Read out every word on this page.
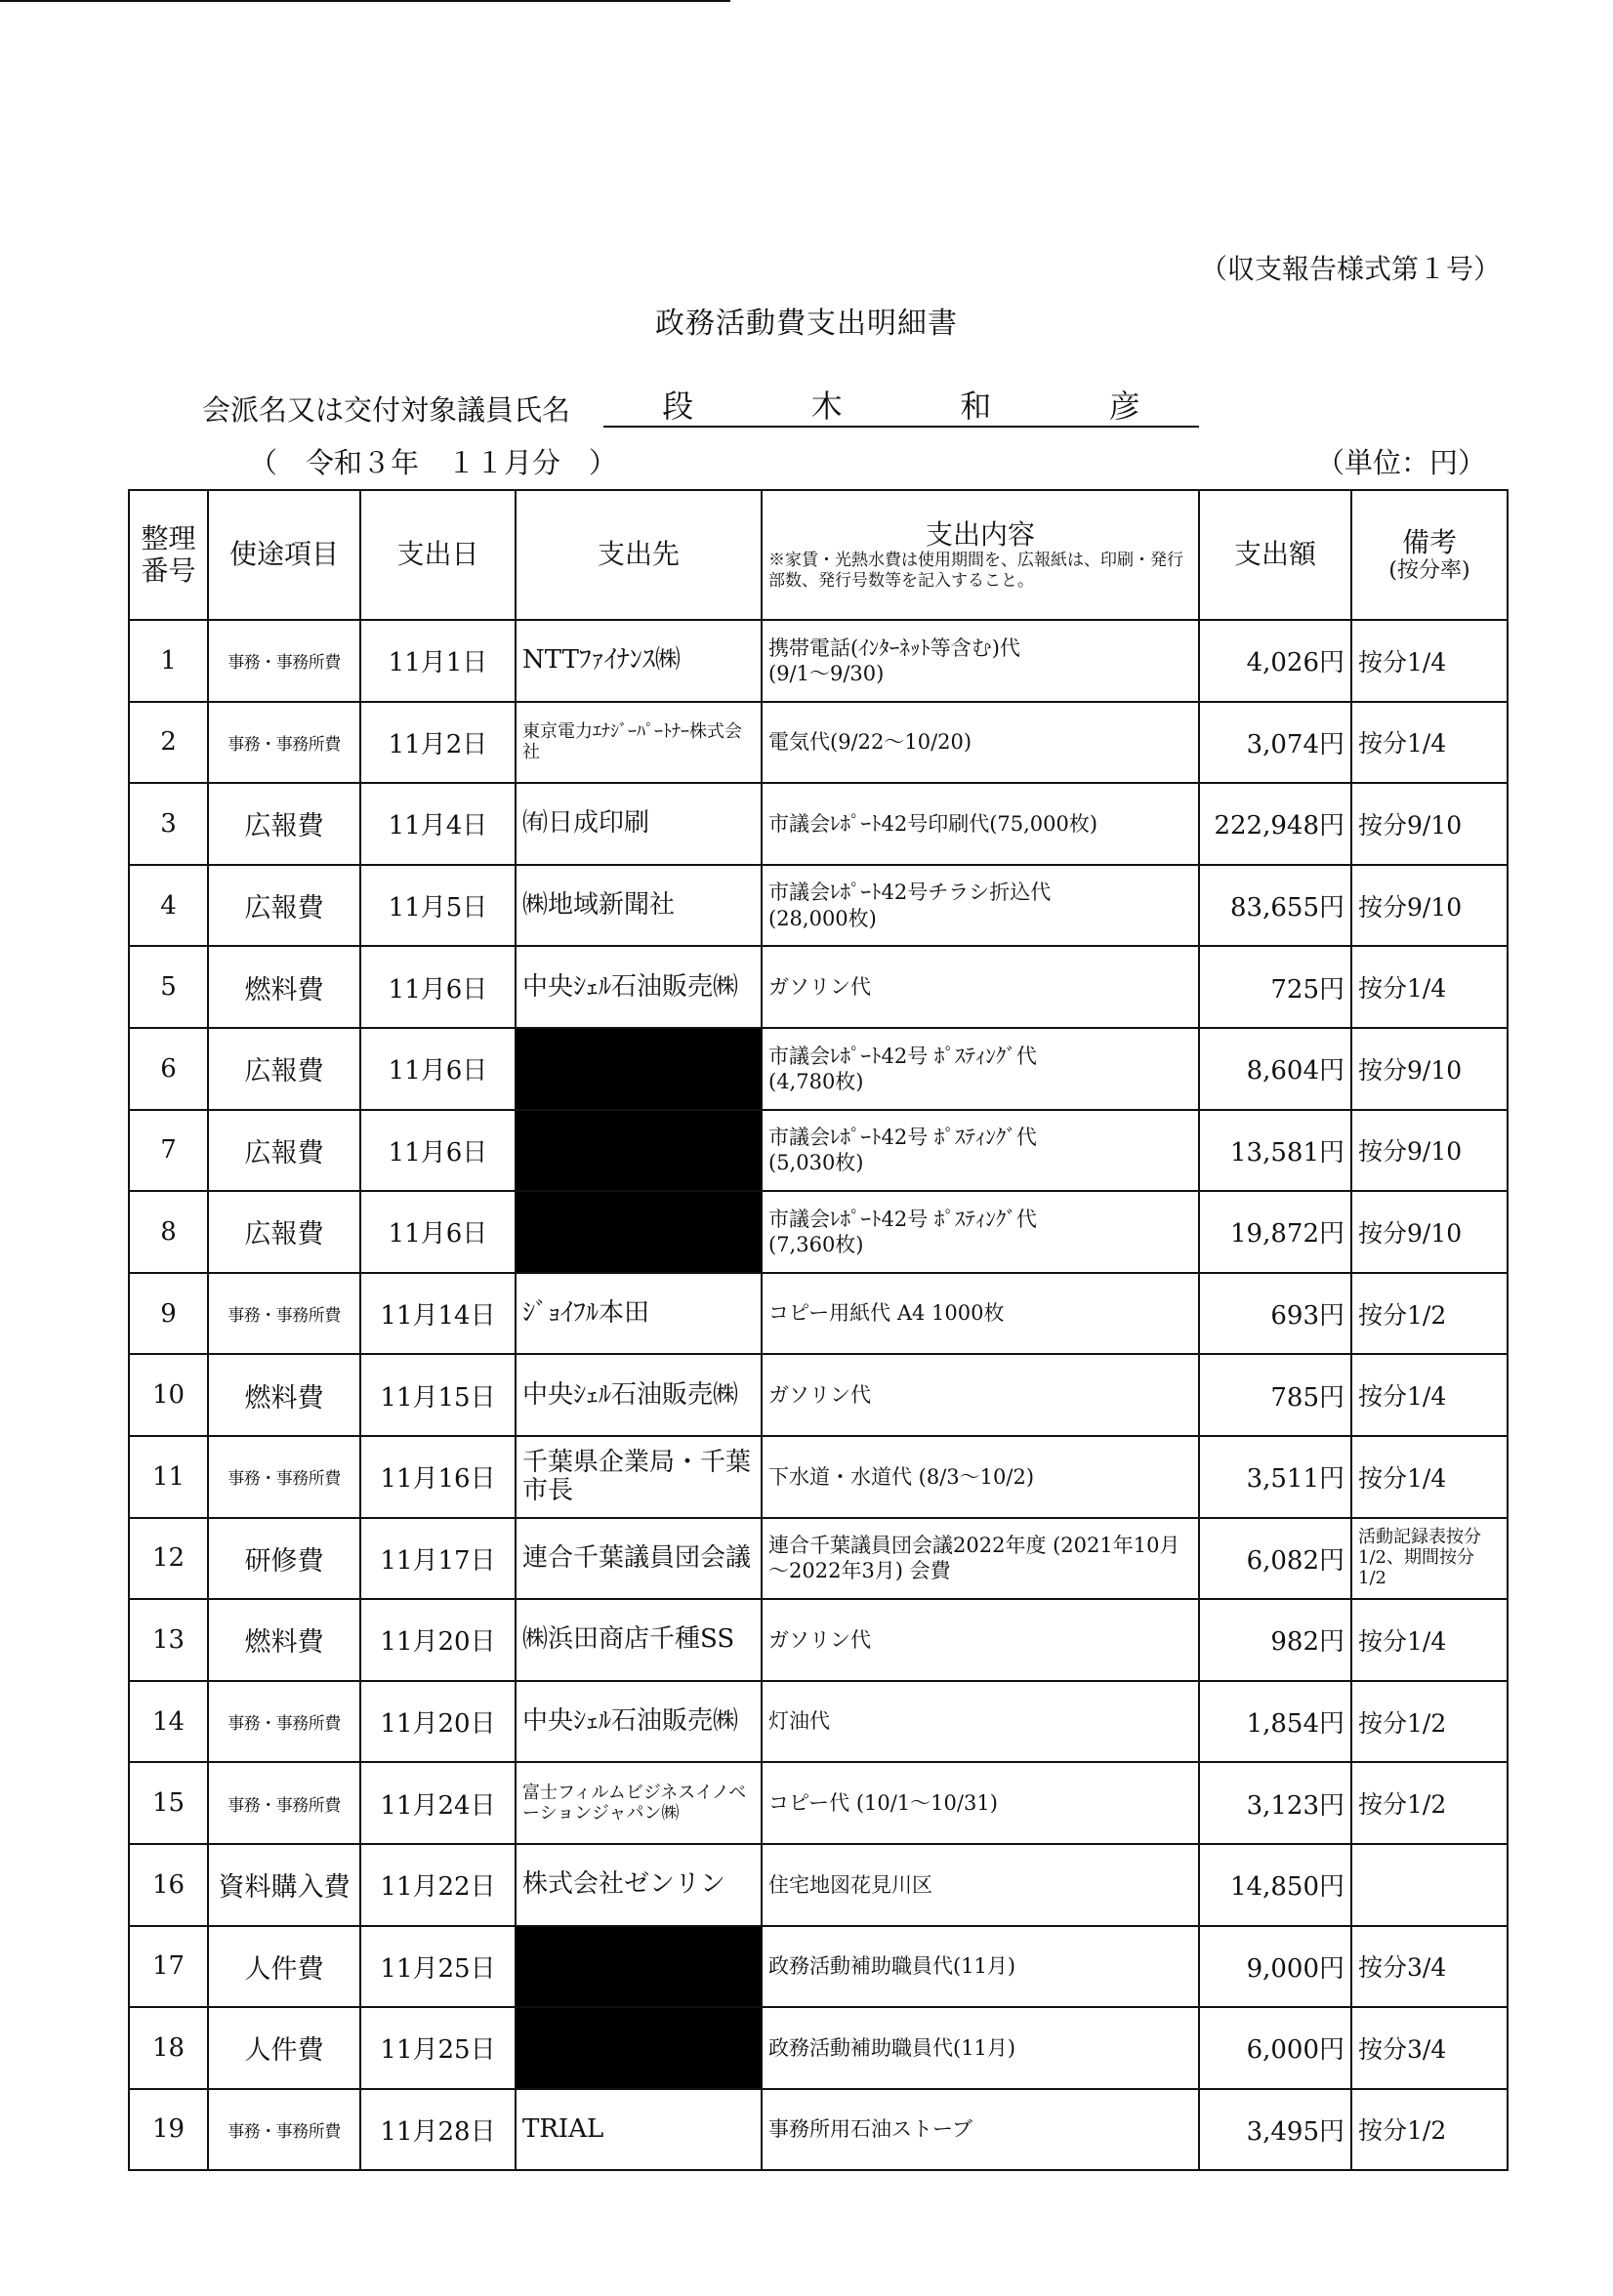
（収支報告様式第１号）
政務活動費支出明細書
会派名又は交付対象議員氏名	段	木	和	彦
（　令和３年　１１月分　）	（単位：円）
整理番号	使途項目	支出日	支出先	支出内容
※家賃・光熱水費は使用期間を、広報紙は、印刷・発行部数、発行号数等を記入すること。	支出額	備考
(按分率)

1	事務・事務所費	11月1日	NTTﾌｧｲﾅﾝｽ㈱	携帯電話(ｲﾝﾀｰﾈｯﾄ等含む)代
(9/1～9/30)	4,026円	按分1/4
2	事務・事務所費	11月2日	東京電力ｴﾅｼﾞｰﾊﾟｰﾄﾅｰ株式会社	電気代(9/22～10/20)	3,074円	按分1/4
3	広報費	11月4日	㈲日成印刷	市議会ﾚﾎﾟｰﾄ42号印刷代(75,000枚)	222,948円	按分9/10
4	広報費	11月5日	㈱地域新聞社	市議会ﾚﾎﾟｰﾄ42号チラシ折込代
(28,000枚)	83,655円	按分9/10
5	燃料費	11月6日	中央ｼｪﾙ石油販売㈱	ガソリン代	725円	按分1/4
6	広報費	11月6日		市議会ﾚﾎﾟｰﾄ42号 ﾎﾟｽﾃｨﾝｸﾞ代
(4,780枚)	8,604円	按分9/10
7	広報費	11月6日		市議会ﾚﾎﾟｰﾄ42号 ﾎﾟｽﾃｨﾝｸﾞ代
(5,030枚)	13,581円	按分9/10
8	広報費	11月6日		市議会ﾚﾎﾟｰﾄ42号 ﾎﾟｽﾃｨﾝｸﾞ代
(7,360枚)	19,872円	按分9/10
9	事務・事務所費	11月14日	ｼﾞｮｲﾌﾙ本田	コピー用紙代 A4 1000枚	693円	按分1/2
10	燃料費	11月15日	中央ｼｪﾙ石油販売㈱	ガソリン代	785円	按分1/4
11	事務・事務所費	11月16日	千葉県企業局・千葉市長	下水道・水道代 (8/3～10/2)	3,511円	按分1/4
12	研修費	11月17日	連合千葉議員団会議	連合千葉議員団会議2022年度 (2021年10月～2022年3月) 会費	6,082円	活動記録表按分1/2、期間按分1/2
13	燃料費	11月20日	㈱浜田商店千種SS	ガソリン代	982円	按分1/4
14	事務・事務所費	11月20日	中央ｼｪﾙ石油販売㈱	灯油代	1,854円	按分1/2
15	事務・事務所費	11月24日	富士フィルムビジネスイノベーションジャパン㈱	コピー代 (10/1～10/31)	3,123円	按分1/2
16	資料購入費	11月22日	株式会社ゼンリン	住宅地図花見川区	14,850円	
17	人件費	11月25日		政務活動補助職員代(11月)	9,000円	按分3/4
18	人件費	11月25日		政務活動補助職員代(11月)	6,000円	按分3/4
19	事務・事務所費	11月28日	TRIAL	事務所用石油ストーブ	3,495円	按分1/2
